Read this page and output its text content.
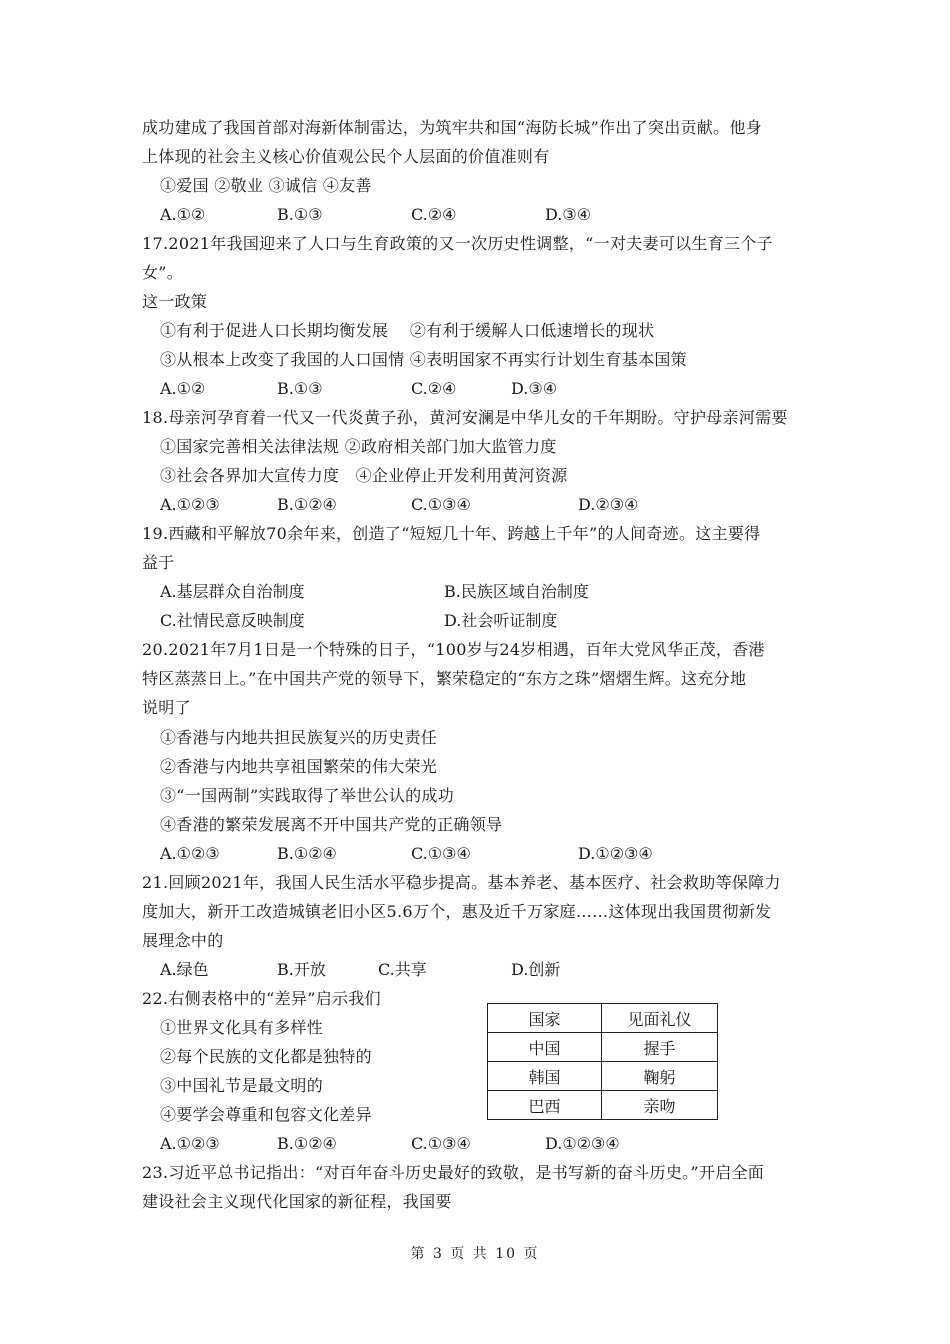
成功建成了我国首部对海新体制雷达，为筑牢共和国“海防长城”作出了突出贡献。他身
上体现的社会主义核心价值观公民个人层面的价值准则有
①爱国 ②敬业 ③诚信 ④友善
A.①②	B.①③	C.②④	D.③④
17.2021年我国迎来了人口与生育政策的又一次历史性调整，“一对夫妻可以生育三个子
女”。
这一政策
①有利于促进人口长期均衡发展　 ②有利于缓解人口低速增长的现状
③从根本上改变了我国的人口国情 ④表明国家不再实行计划生育基本国策
A.①②	B.①③	C.②④	D.③④
18.母亲河孕育着一代又一代炎黄子孙，黄河安澜是中华儿女的千年期盼。守护母亲河需要
①国家完善相关法律法规 ②政府相关部门加大监管力度
③社会各界加大宣传力度　④企业停止开发利用黄河资源
A.①②③	B.①②④	C.①③④	D.②③④
19.西藏和平解放70余年来，创造了“短短几十年、跨越上千年”的人间奇迹。这主要得
益于
A.基层群众自治制度	B.民族区域自治制度
C.社情民意反映制度	D.社会听证制度
20.2021年7月1日是一个特殊的日子，“100岁与24岁相遇，百年大党风华正茂，香港
特区蒸蒸日上。”在中国共产党的领导下，繁荣稳定的“东方之珠”熠熠生辉。这充分地
说明了
①香港与内地共担民族复兴的历史责任
②香港与内地共享祖国繁荣的伟大荣光
③“一国两制”实践取得了举世公认的成功
④香港的繁荣发展离不开中国共产党的正确领导
A.①②③	B.①②④	C.①③④	D.①②③④
21.回顾2021年，我国人民生活水平稳步提高。基本养老、基本医疗、社会救助等保障力
度加大，新开工改造城镇老旧小区5.6万个，惠及近千万家庭……这体现出我国贯彻新发
展理念中的
A.绿色	B.开放	C.共享	D.创新
22.右侧表格中的“差异”启示我们
①世界文化具有多样性
②每个民族的文化都是独特的
③中国礼节是最文明的
④要学会尊重和包容文化差异
A.①②③	B.①②④	C.①③④	D.①②③④
国家	见面礼仪
中国	握手
韩国	鞠躬
巴西	亲吻
23.习近平总书记指出：“对百年奋斗历史最好的致敬，是书写新的奋斗历史。”开启全面
建设社会主义现代化国家的新征程，我国要
第 3 页 共 10 页
